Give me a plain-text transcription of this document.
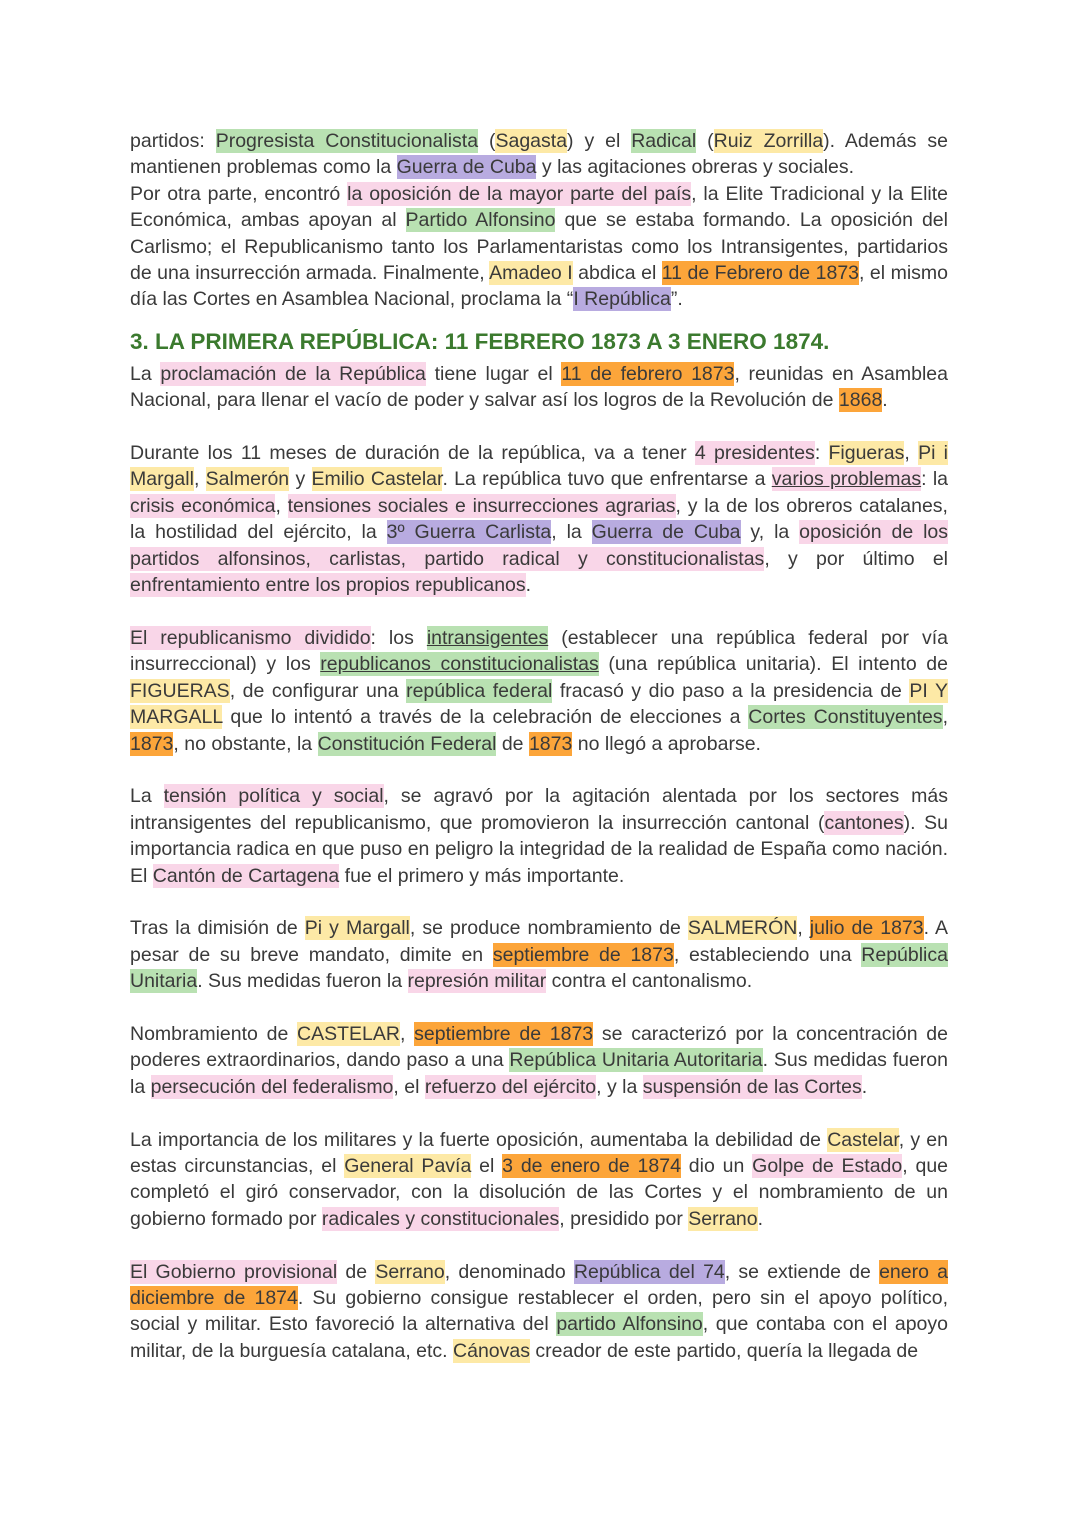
partidos: Progresista Constitucionalista (Sagasta) y el Radical (Ruiz Zorrilla). Además se mantienen problemas como la Guerra de Cuba y las agitaciones obreras y sociales.
Por otra parte, encontró la oposición de la mayor parte del país, la Elite Tradicional y la Elite Económica, ambas apoyan al Partido Alfonsino que se estaba formando. La oposición del Carlismo; el Republicanismo tanto los Parlamentaristas como los Intransigentes, partidarios de una insurrección armada. Finalmente, Amadeo I abdica el 11 de Febrero de 1873, el mismo día las Cortes en Asamblea Nacional, proclama la “I República”.

3. LA PRIMERA REPÚBLICA: 11 FEBRERO 1873 A 3 ENERO 1874.

La proclamación de la República tiene lugar el 11 de febrero 1873, reunidas en Asamblea Nacional, para llenar el vacío de poder y salvar así los logros de la Revolución de 1868.

Durante los 11 meses de duración de la república, va a tener 4 presidentes: Figueras, Pi i Margall, Salmerón y Emilio Castelar. La república tuvo que enfrentarse a varios problemas: la crisis económica, tensiones sociales e insurrecciones agrarias, y la de los obreros catalanes, la hostilidad del ejército, la 3º Guerra Carlista, la Guerra de Cuba y, la oposición de los partidos alfonsinos, carlistas, partido radical y constitucionalistas, y por último el enfrentamiento entre los propios republicanos.

El republicanismo dividido: los intransigentes (establecer una república federal por vía insurreccional) y los republicanos constitucionalistas (una república unitaria). El intento de FIGUERAS, de configurar una república federal fracasó y dio paso a la presidencia de PI Y MARGALL que lo intentó a través de la celebración de elecciones a Cortes Constituyentes, 1873, no obstante, la Constitución Federal de 1873 no llegó a aprobarse.

La tensión política y social, se agravó por la agitación alentada por los sectores más intransigentes del republicanismo, que promovieron la insurrección cantonal (cantones). Su importancia radica en que puso en peligro la integridad de la realidad de España como nación. El Cantón de Cartagena fue el primero y más importante.

Tras la dimisión de Pi y Margall, se produce nombramiento de SALMERÓN, julio de 1873. A pesar de su breve mandato, dimite en septiembre de 1873, estableciendo una República Unitaria. Sus medidas fueron la represión militar contra el cantonalismo.

Nombramiento de CASTELAR, septiembre de 1873 se caracterizó por la concentración de poderes extraordinarios, dando paso a una República Unitaria Autoritaria. Sus medidas fueron la persecución del federalismo, el refuerzo del ejército, y la suspensión de las Cortes.

La importancia de los militares y la fuerte oposición, aumentaba la debilidad de Castelar, y en estas circunstancias, el General Pavía el 3 de enero de 1874 dio un Golpe de Estado, que completó el giró conservador, con la disolución de las Cortes y el nombramiento de un gobierno formado por radicales y constitucionales, presidido por Serrano.

El Gobierno provisional de Serrano, denominado República del 74, se extiende de enero a diciembre de 1874. Su gobierno consigue restablecer el orden, pero sin el apoyo político, social y militar. Esto favoreció la alternativa del partido Alfonsino, que contaba con el apoyo militar, de la burguesía catalana, etc. Cánovas creador de este partido, quería la llegada de
